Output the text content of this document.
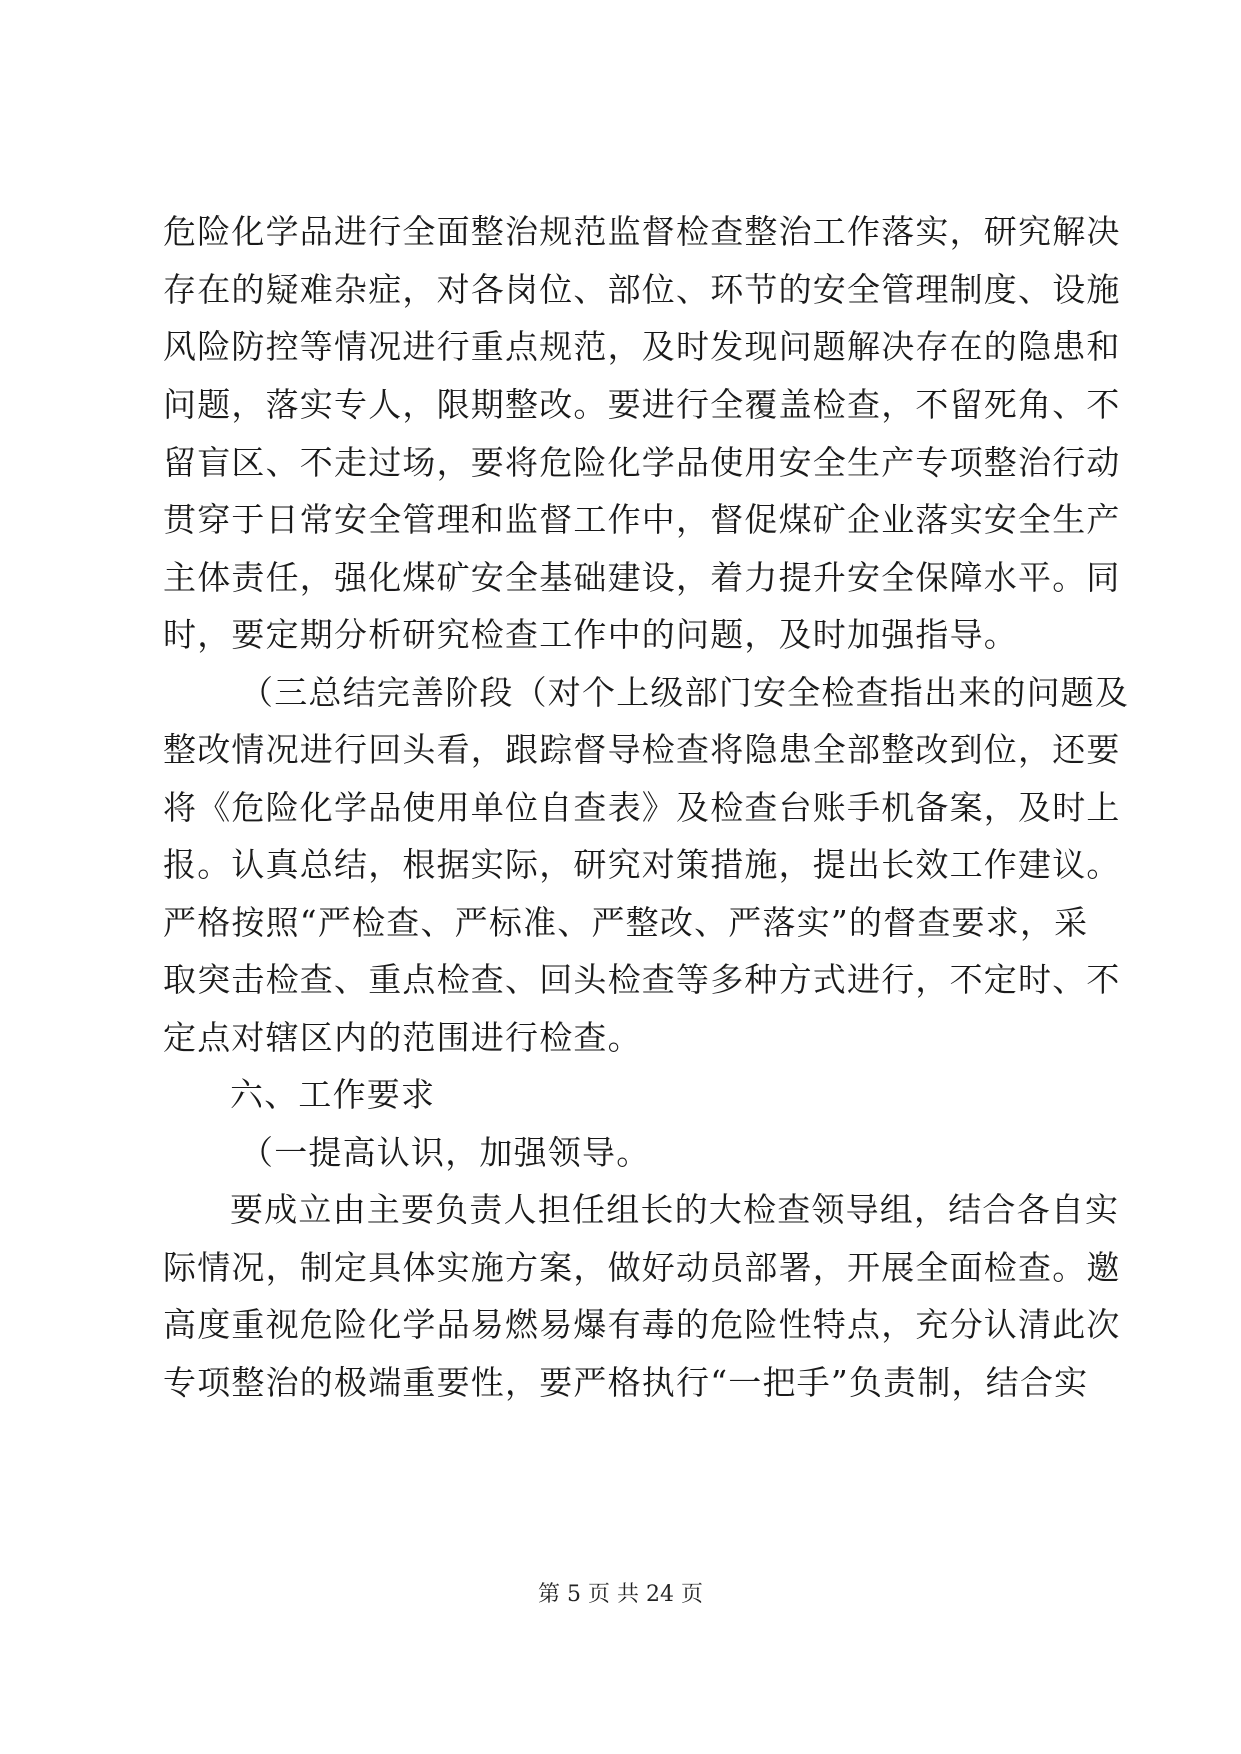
危险化学品进行全面整治规范监督检查整治工作落实，研究解决
存在的疑难杂症，对各岗位、部位、环节的安全管理制度、设施
风险防控等情况进行重点规范，及时发现问题解决存在的隐患和
问题，落实专人，限期整改。要进行全覆盖检查，不留死角、不
留盲区、不走过场，要将危险化学品使用安全生产专项整治行动
贯穿于日常安全管理和监督工作中，督促煤矿企业落实安全生产
主体责任，强化煤矿安全基础建设，着力提升安全保障水平。同
时，要定期分析研究检查工作中的问题，及时加强指导。
（三总结完善阶段（对个上级部门安全检查指出来的问题及
整改情况进行回头看，跟踪督导检查将隐患全部整改到位，还要
将《危险化学品使用单位自查表》及检查台账手机备案，及时上
报。认真总结，根据实际，研究对策措施，提出长效工作建议。
严格按照“严检查、严标准、严整改、严落实”的督查要求，采
取突击检查、重点检查、回头检查等多种方式进行，不定时、不
定点对辖区内的范围进行检查。
六、工作要求
（一提高认识，加强领导。
要成立由主要负责人担任组长的大检查领导组，结合各自实
际情况，制定具体实施方案，做好动员部署，开展全面检查。邀
高度重视危险化学品易燃易爆有毒的危险性特点，充分认清此次
专项整治的极端重要性，要严格执行“一把手”负责制，结合实
第 5 页 共 24 页
